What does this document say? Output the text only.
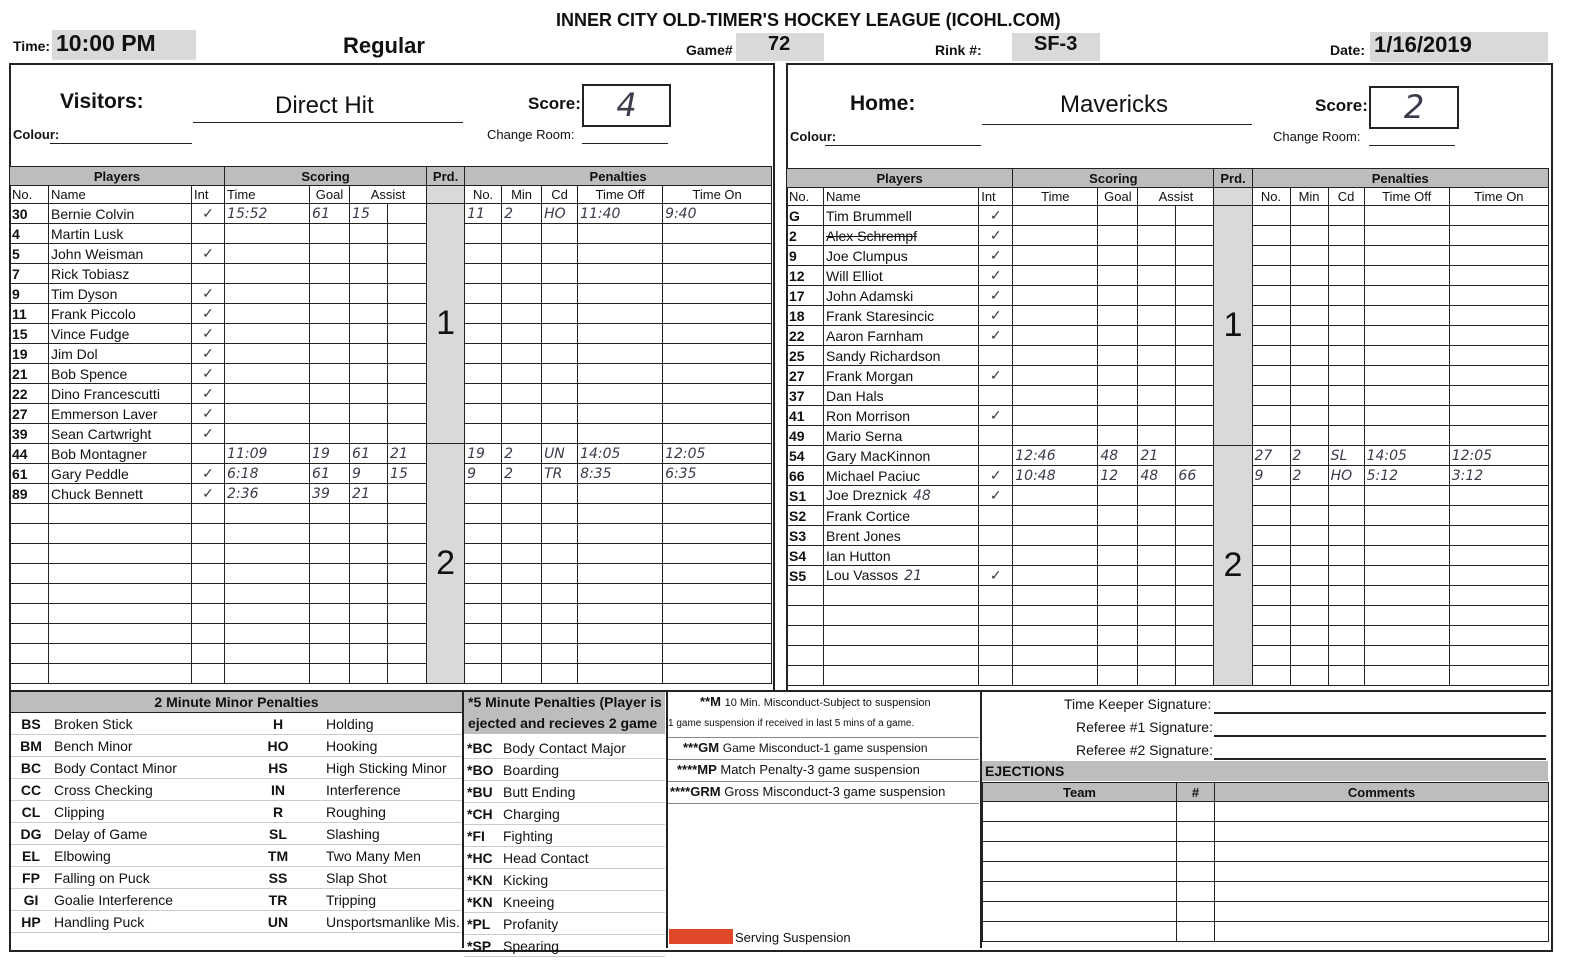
INNER CITY OLD-TIMER'S HOCKEY LEAGUE (ICOHL.COM)
Time: 10:00 PM	Regular	Game#	72	Rink #:	SF-3	Date: 1/16/2019
Visitors:	Direct Hit	Score:	4
Colour:	Change Room:
Home:	Mavericks	Score:	2
Colour:	Change Room:
Players			Scoring				Prd.	Penalties				
No.	Name	Int	Time	Goal	Assist			No.	Min	Cd	Time Off	Time On
30	Bernie Colvin	✓	15:52	61	15		1	11	2	HO	11:40	9:40
4	Martin Lusk											
5	John Weisman	✓										
7	Rick Tobiasz											
9	Tim Dyson	✓										
11	Frank Piccolo	✓										
15	Vince Fudge	✓										
19	Jim Dol	✓										
21	Bob Spence	✓										
22	Dino Francescutti	✓										
27	Emmerson Laver	✓										
39	Sean Cartwright	✓										
44	Bob Montagner		11:09	19	61	21	2	19	2	UN	14:05	12:05
61	Gary Peddle	✓	6:18	61	9	15		9	2	TR	8:35	6:35
89	Chuck Bennett	✓	2:36	39	21							

Players			Scoring				Prd.	Penalties				
No.	Name	Int	Time	Goal	Assist			No.	Min	Cd	Time Off	Time On
G	Tim Brummell	✓					1					
2	Alex Schrempf	✓										
9	Joe Clumpus	✓										
12	Will Elliot	✓										
17	John Adamski	✓										
18	Frank Staresincic	✓										
22	Aaron Farnham	✓										
25	Sandy Richardson											
27	Frank Morgan	✓										
37	Dan Hals											
41	Ron Morrison	✓										
49	Mario Serna											
54	Gary MacKinnon		12:46	48	21		2	27	2	SL	14:05	12:05
66	Michael Paciuc	✓	10:48	12	48	66		9	2	HO	5:12	3:12
S1	Joe Dreznick 48	✓										
S2	Frank Cortice											
S3	Brent Jones											
S4	Ian Hutton											
S5	Lou Vassos 21	✓										

2 Minute Minor Penalties
BS	Broken Stick	H	Holding
BM	Bench Minor	HO	Hooking
BC	Body Contact Minor	HS	High Sticking Minor
CC	Cross Checking	IN	Interference
CL	Clipping	R	Roughing
DG	Delay of Game	SL	Slashing
EL	Elbowing	TM	Two Many Men
FP	Falling on Puck	SS	Slap Shot
GI	Goalie Interference	TR	Tripping
HP	Handling Puck	UN	Unsportsmanlike Mis.
*5 Minute Penalties (Player is
ejected and recieves 2 game
*BC	Body Contact Major
*BO	Boarding
*BU	Butt Ending
*CH	Charging
*FI	Fighting
*HC	Head Contact
*KN	Kicking
*KN	Kneeing
*PL	Profanity
*SP	Spearing
**M 10 Min. Misconduct-Subject to suspension
1 game suspension if received in last 5 mins of a game.
***GM Game Misconduct-1 game suspension
****MP Match Penalty-3 game suspension
****GRM Gross Misconduct-3 game suspension
Serving Suspension
Time Keeper Signature:
Referee #1 Signature:
Referee #2 Signature:
EJECTIONS
Team	#	Comments
